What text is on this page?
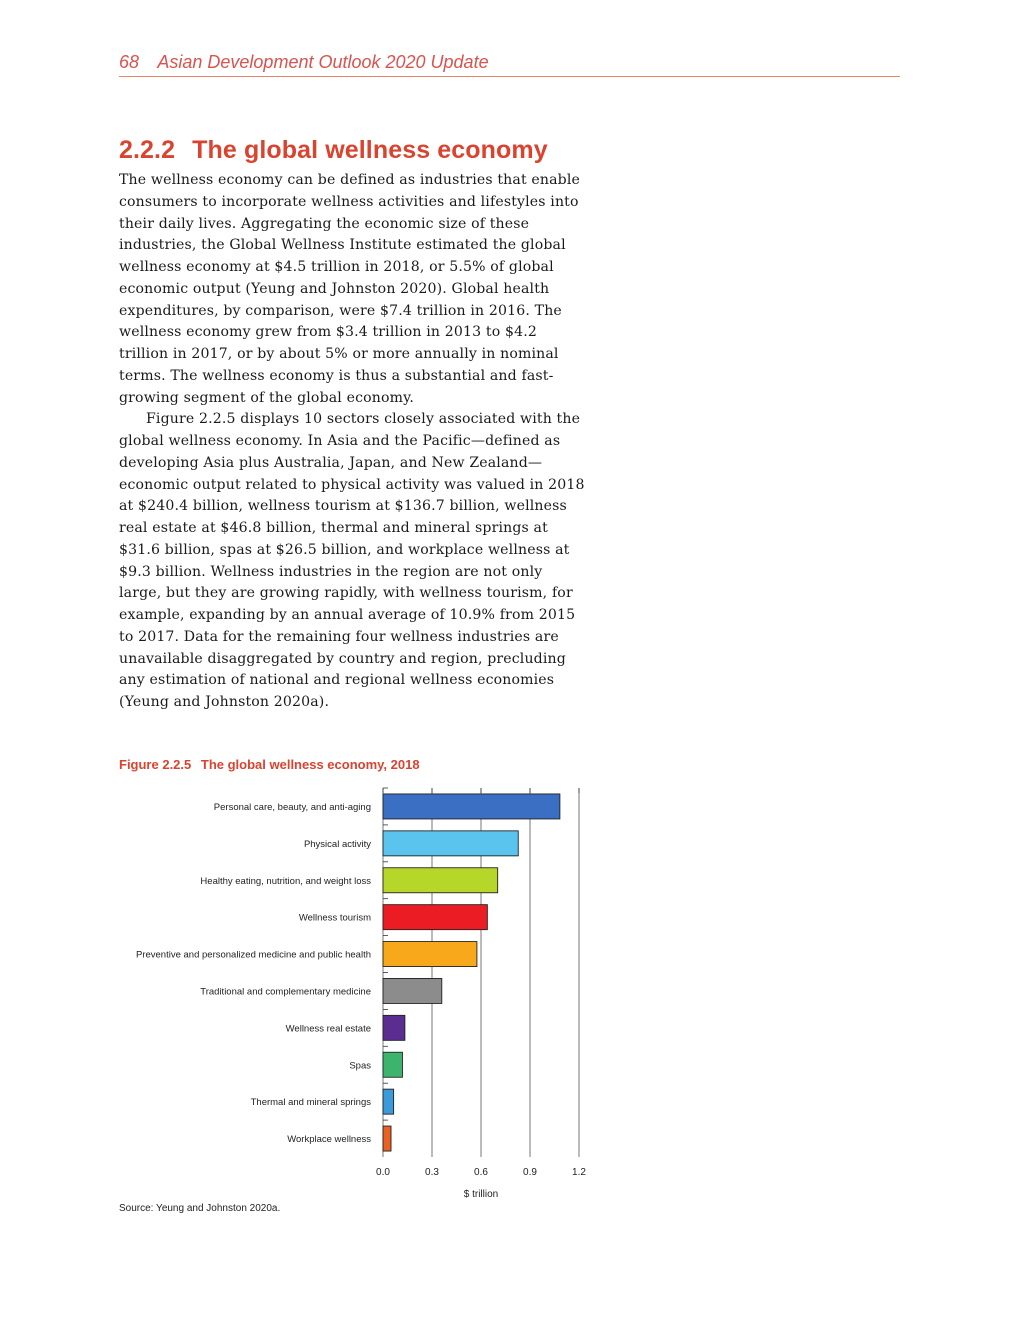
68 Asian Development Outlook 2020 Update
2.2.2 The global wellness economy

The wellness economy can be defined as industries that enable consumers to incorporate wellness activities and lifestyles into their daily lives. Aggregating the economic size of these industries, the Global Wellness Institute estimated the global wellness economy at $4.5 trillion in 2018, or 5.5% of global economic output (Yeung and Johnston 2020). Global health expenditures, by comparison, were $7.4 trillion in 2016. The wellness economy grew from $3.4 trillion in 2013 to $4.2 trillion in 2017, or by about 5% or more annually in nominal terms. The wellness economy is thus a substantial and fast-growing segment of the global economy.

Figure 2.2.5 displays 10 sectors closely associated with the global wellness economy. In Asia and the Pacific—defined as developing Asia plus Australia, Japan, and New Zealand—economic output related to physical activity was valued in 2018 at $240.4 billion, wellness tourism at $136.7 billion, wellness real estate at $46.8 billion, thermal and mineral springs at $31.6 billion, spas at $26.5 billion, and workplace wellness at $9.3 billion. Wellness industries in the region are not only large, but they are growing rapidly, with wellness tourism, for example, expanding by an annual average of 10.9% from 2015 to 2017. Data for the remaining four wellness industries are unavailable disaggregated by country and region, precluding any estimation of national and regional wellness economies (Yeung and Johnston 2020a).

Figure 2.2.5 The global wellness economy, 2018
Personal care, beauty, and anti-aging
Physical activity
Healthy eating, nutrition, and weight loss
Wellness tourism
Preventive and personalized medicine and public health
Traditional and complementary medicine
Wellness real estate
Spas
Thermal and mineral springs
Workplace wellness
0.0	0.3	0.6	0.9	1.2
$ trillion
Source: Yeung and Johnston 2020a.
